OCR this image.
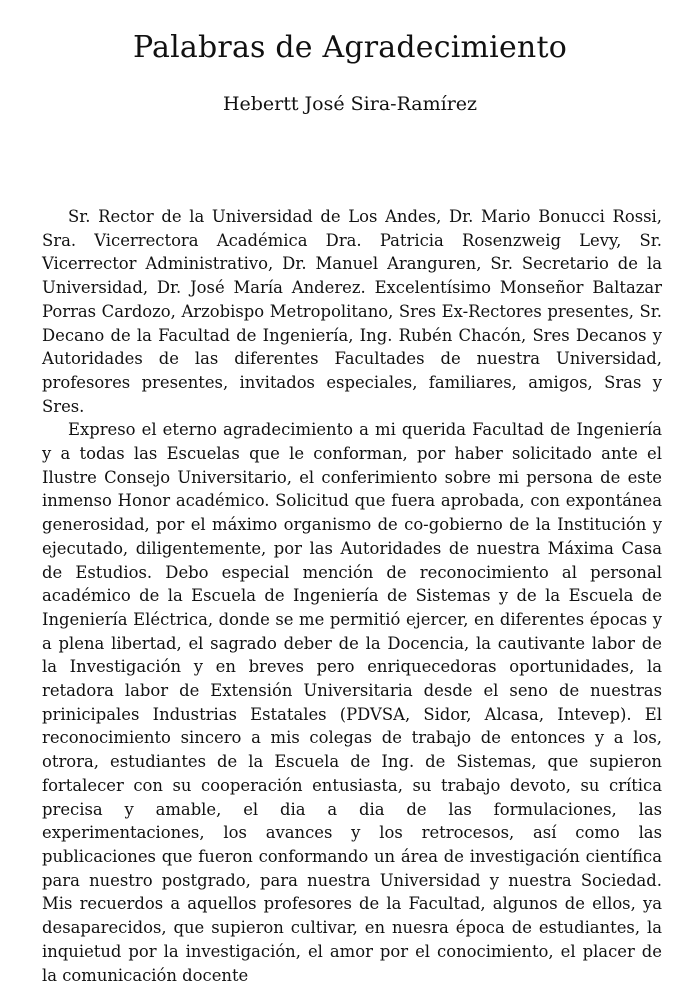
Palabras de Agradecimiento
Hebertt José Sira-Ramírez

Sr. Rector de la Universidad de Los Andes, Dr. Mario Bonucci Rossi, Sra. Vicerrectora Académica Dra. Patricia Rosenzweig Levy, Sr. Vicerrector Administrativo, Dr. Manuel Aranguren, Sr. Secretario de la Universidad, Dr. José María Anderez. Excelentísimo Monseñor Baltazar Porras Cardozo, Arzobispo Metropolitano, Sres Ex-Rectores presentes, Sr. Decano de la Facultad de Ingeniería, Ing. Rubén Chacón, Sres Decanos y Autoridades de las diferentes Facultades de nuestra Universidad, profesores presentes, invitados especiales, familiares, amigos, Sras y Sres.

Expreso el eterno agradecimiento a mi querida Facultad de Ingeniería y a todas las Escuelas que le conforman, por haber solicitado ante el Ilustre Consejo Universitario, el conferimiento sobre mi persona de este inmenso Honor académico. Solicitud que fuera aprobada, con expontánea generosidad, por el máximo organismo de co-gobierno de la Institución y ejecutado, diligentemente, por las Autoridades de nuestra Máxima Casa de Estudios. Debo especial mención de reconocimiento al personal académico de la Escuela de Ingeniería de Sistemas y de la Escuela de Ingeniería Eléctrica, donde se me permitió ejercer, en diferentes épocas y a plena libertad, el sagrado deber de la Docencia, la cautivante labor de la Investigación y en breves pero enriquecedoras oportunidades, la retadora labor de Extensión Universitaria desde el seno de nuestras prinicipales Industrias Estatales (PDVSA, Sidor, Alcasa, Intevep). El reconocimiento sincero a mis colegas de trabajo de entonces y a los, otrora, estudiantes de la Escuela de Ing. de Sistemas, que supieron fortalecer con su cooperación entusiasta, su trabajo devoto, su crítica precisa y amable, el dia a dia de las formulaciones, las experimentaciones, los avances y los retrocesos, así como las publicaciones que fueron conformando un área de investigación científica para nuestro postgrado, para nuestra Universidad y nuestra Sociedad. Mis recuerdos a aquellos profesores de la Facultad, algunos de ellos, ya desaparecidos, que supieron cultivar, en nuesra época de estudiantes, la inquietud por la investigación, el amor por el conocimiento, el placer de la comunicación docente
